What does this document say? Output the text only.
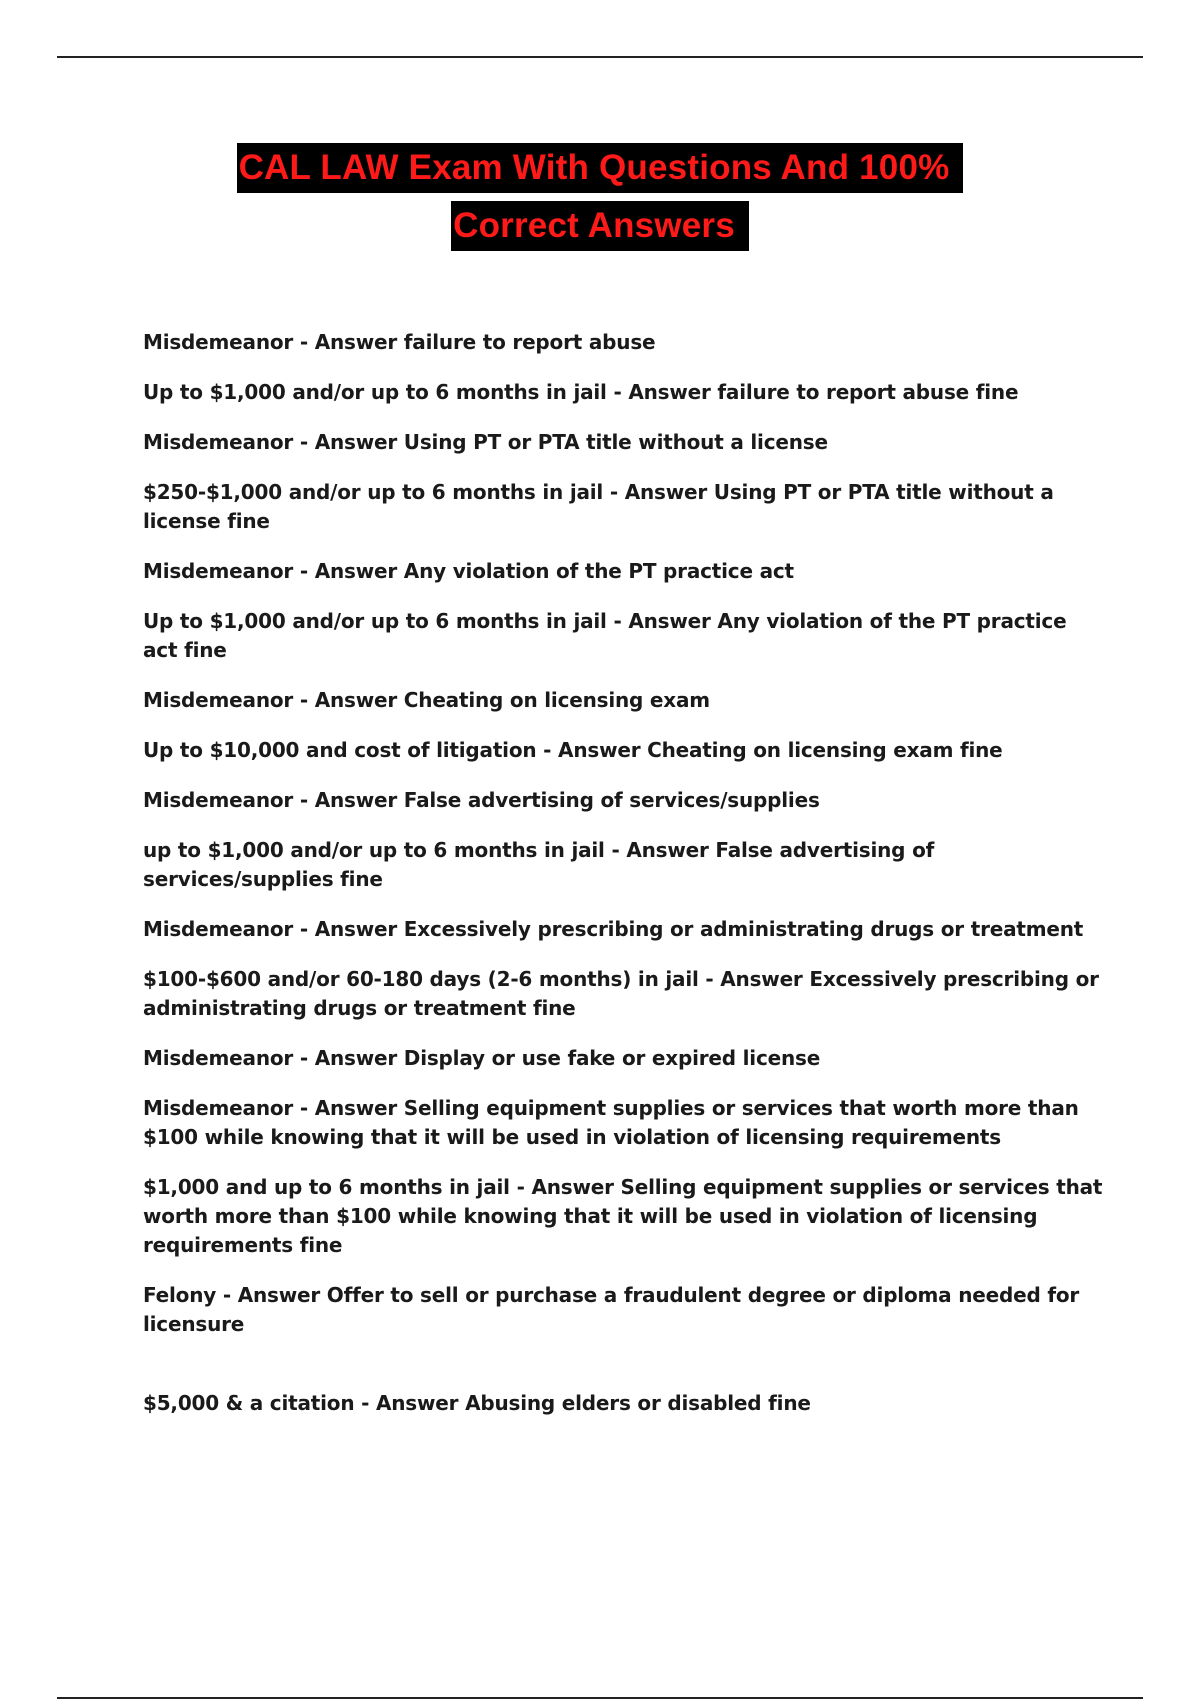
CAL LAW Exam With Questions And 100%
Correct Answers
Misdemeanor - Answer failure to report abuse
Up to $1,000 and/or up to 6 months in jail - Answer failure to report abuse fine
Misdemeanor - Answer Using PT or PTA title without a license
$250-$1,000 and/or up to 6 months in jail - Answer Using PT or PTA title without a license fine
Misdemeanor - Answer Any violation of the PT practice act
Up to $1,000 and/or up to 6 months in jail - Answer Any violation of the PT practice act fine
Misdemeanor - Answer Cheating on licensing exam
Up to $10,000 and cost of litigation - Answer Cheating on licensing exam fine
Misdemeanor - Answer False advertising of services/supplies
up to $1,000 and/or up to 6 months in jail - Answer False advertising of services/supplies fine
Misdemeanor - Answer Excessively prescribing or administrating drugs or treatment
$100-$600 and/or 60-180 days (2-6 months) in jail - Answer Excessively prescribing or administrating drugs or treatment fine
Misdemeanor - Answer Display or use fake or expired license
Misdemeanor - Answer Selling equipment supplies or services that worth more than $100 while knowing that it will be used in violation of licensing requirements
$1,000 and up to 6 months in jail - Answer Selling equipment supplies or services that worth more than $100 while knowing that it will be used in violation of licensing requirements fine
Felony - Answer Offer to sell or purchase a fraudulent degree or diploma needed for licensure
$5,000 & a citation - Answer Abusing elders or disabled fine
